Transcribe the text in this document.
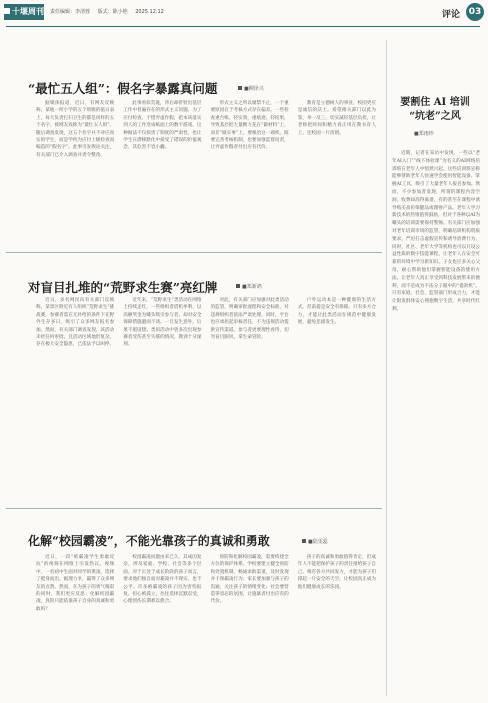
十堰周刊 责任编辑：李清蓉 版式：陈小艳 2025.12.12	评论 03
“最忙五人组”：假名字暴露真问题	■柳泽兴
据媒体报道，近日，有网友反映称，某地一所小学的五个班级的值日表上，每天负责打扫卫生的都是同样的五个名字，被网友戏称为“最忙五人组”。随后调查发现，这五个名字并不对应真实的学生，而是学校为应付上级检查而编造的“假名字”。此事引发舆论关注，有关部门已介入调查并责令整改。
此事看似荒诞，背后却折射出基层工作中普遍存在的形式主义问题。为了应付检查，不惜弄虚作假，把本该落实到人的工作变成纸面上的数字游戏。这种做法不仅损害了制度的严肃性，也让学生在潜移默化中接受了错误的价值观念，其危害不容小觑。
形式主义之所以屡禁不止，一个重要原因在于考核方式存在偏差。一些检查重台账、轻实效，重痕迹、轻结果，导致基层把大量精力花在“做材料”上，而非“做实事”上。要根治这一顽疾，既要完善考核机制，也要加强监督问责，让弄虚作假者付出应有代价。
教育是立德树人的事业，校园更应是诚信的沃土。希望相关部门以此为鉴，举一反三，切实减轻基层负担，让老师把时间和精力真正用在教书育人上，还校园一片清朗。
对盲目扎堆的“荒野求生赛”亮红牌	■郑新鸿
近日，多名网民向有关部门反映称，某景区附近有人组织“荒野求生”挑战赛，参赛者需在无补给的条件下在野外生存多日，吸引了众多网友报名参加。然而，有关部门调查发现，该活动未经任何审批，且活动区域地形复杂，存在极大安全隐患，已依法予以叫停。
近年来，“荒野求生”类活动在网络上持续走红，一些组织者借机牟利，以高额奖金为噱头吸引参与者，却对安全保障措施避而不谈。一旦发生意外，后果不堪设想。类似活动中曾多次出现参赛者受伤甚至失联的情况，教训十分深刻。
对此，有关部门应加强对此类活动的监管，明确审批流程和安全标准，对违规组织者依法严肃处理。同时，平台也应承担起审核责任，不为违规活动提供宣传渠道。参与者更要理性看待，切勿盲目跟风，拿生命冒险。
户外运动本是一种健康的生活方式，但前提是安全有保障。只有多方合力，才能让此类活动在规范中健康发展，避免悲剧发生。
化解“校园霸凌”，不能光靠孩子的真诚和勇敢	■陆雯蕊
近日，一段“被霸凌学生勇敢反抗”的视频在网络上引发热议。视频中，一名初中生面对同学的欺凌，选择了挺身而出、据理力争，赢得了众多网友的点赞。然而，在为孩子的勇气喝彩的同时，我们更应反思：化解校园霸凌，真的只能依靠孩子自身的真诚和勇敢吗？
校园霸凌问题由来已久，其成因复杂，涉及家庭、学校、社会等多个层面。对于正处于成长阶段的孩子而言，要求他们独自面对霸凌并不现实，也不公平。许多被霸凌的孩子因为害怕报复、担心被孤立，往往选择沉默忍受，心理创伤长期难以愈合。
预防和化解校园霸凌，需要构建全方位的保护体系。学校要建立健全预防和处置机制，畅通求助渠道，及时发现并干预霸凌行为；家长要加强与孩子的沟通，关注孩子的情绪变化；社会要营造零容忍的氛围，让施暴者付出应有的代价。
孩子的真诚和勇敢值得肯定，但成年人不能把保护孩子的责任推给孩子自己。唯有各方共同发力，才能为孩子们撑起一片安全的天空，让校园真正成为他们健康成长的乐园。
要割住 AI 培训
“坑老”之风
■郑雨珍
近期，记者在采访中发现，一些以“老年AI入门”“线下体验课”为名义的AI网络培训班在老年人中悄然兴起。这些培训班宣称能够帮助老年人快速学会使用智能设备、掌握AI工具，吸引了大量老年人报名参加。然而，不少参加者发现，所谓的课程内容空洞，收费却高得离谱，有的甚至在课程中诱导购买高价保健品或理财产品。老年人学习新技术的热情值得鼓励，但对于各种以AI为噱头的培训需要保持警惕。有关部门应加强对老年培训市场的监管，明确培训机构资质要求，严厉打击虚假宣传和诱导消费行为。同时，社区、老年大学等机构也可以开设公益性质的数字技能课程，让老年人在安全可靠的环境中学习新知识。子女也应多关心父母，耐心帮助他们掌握智能设备的使用方法，让老年人真正享受到科技发展带来的便利，而不是成为不法分子眼中的“提款机”。只有家庭、社会、监管部门形成合力，才能让银发群体安心拥抱数字生活，共享时代红利。
